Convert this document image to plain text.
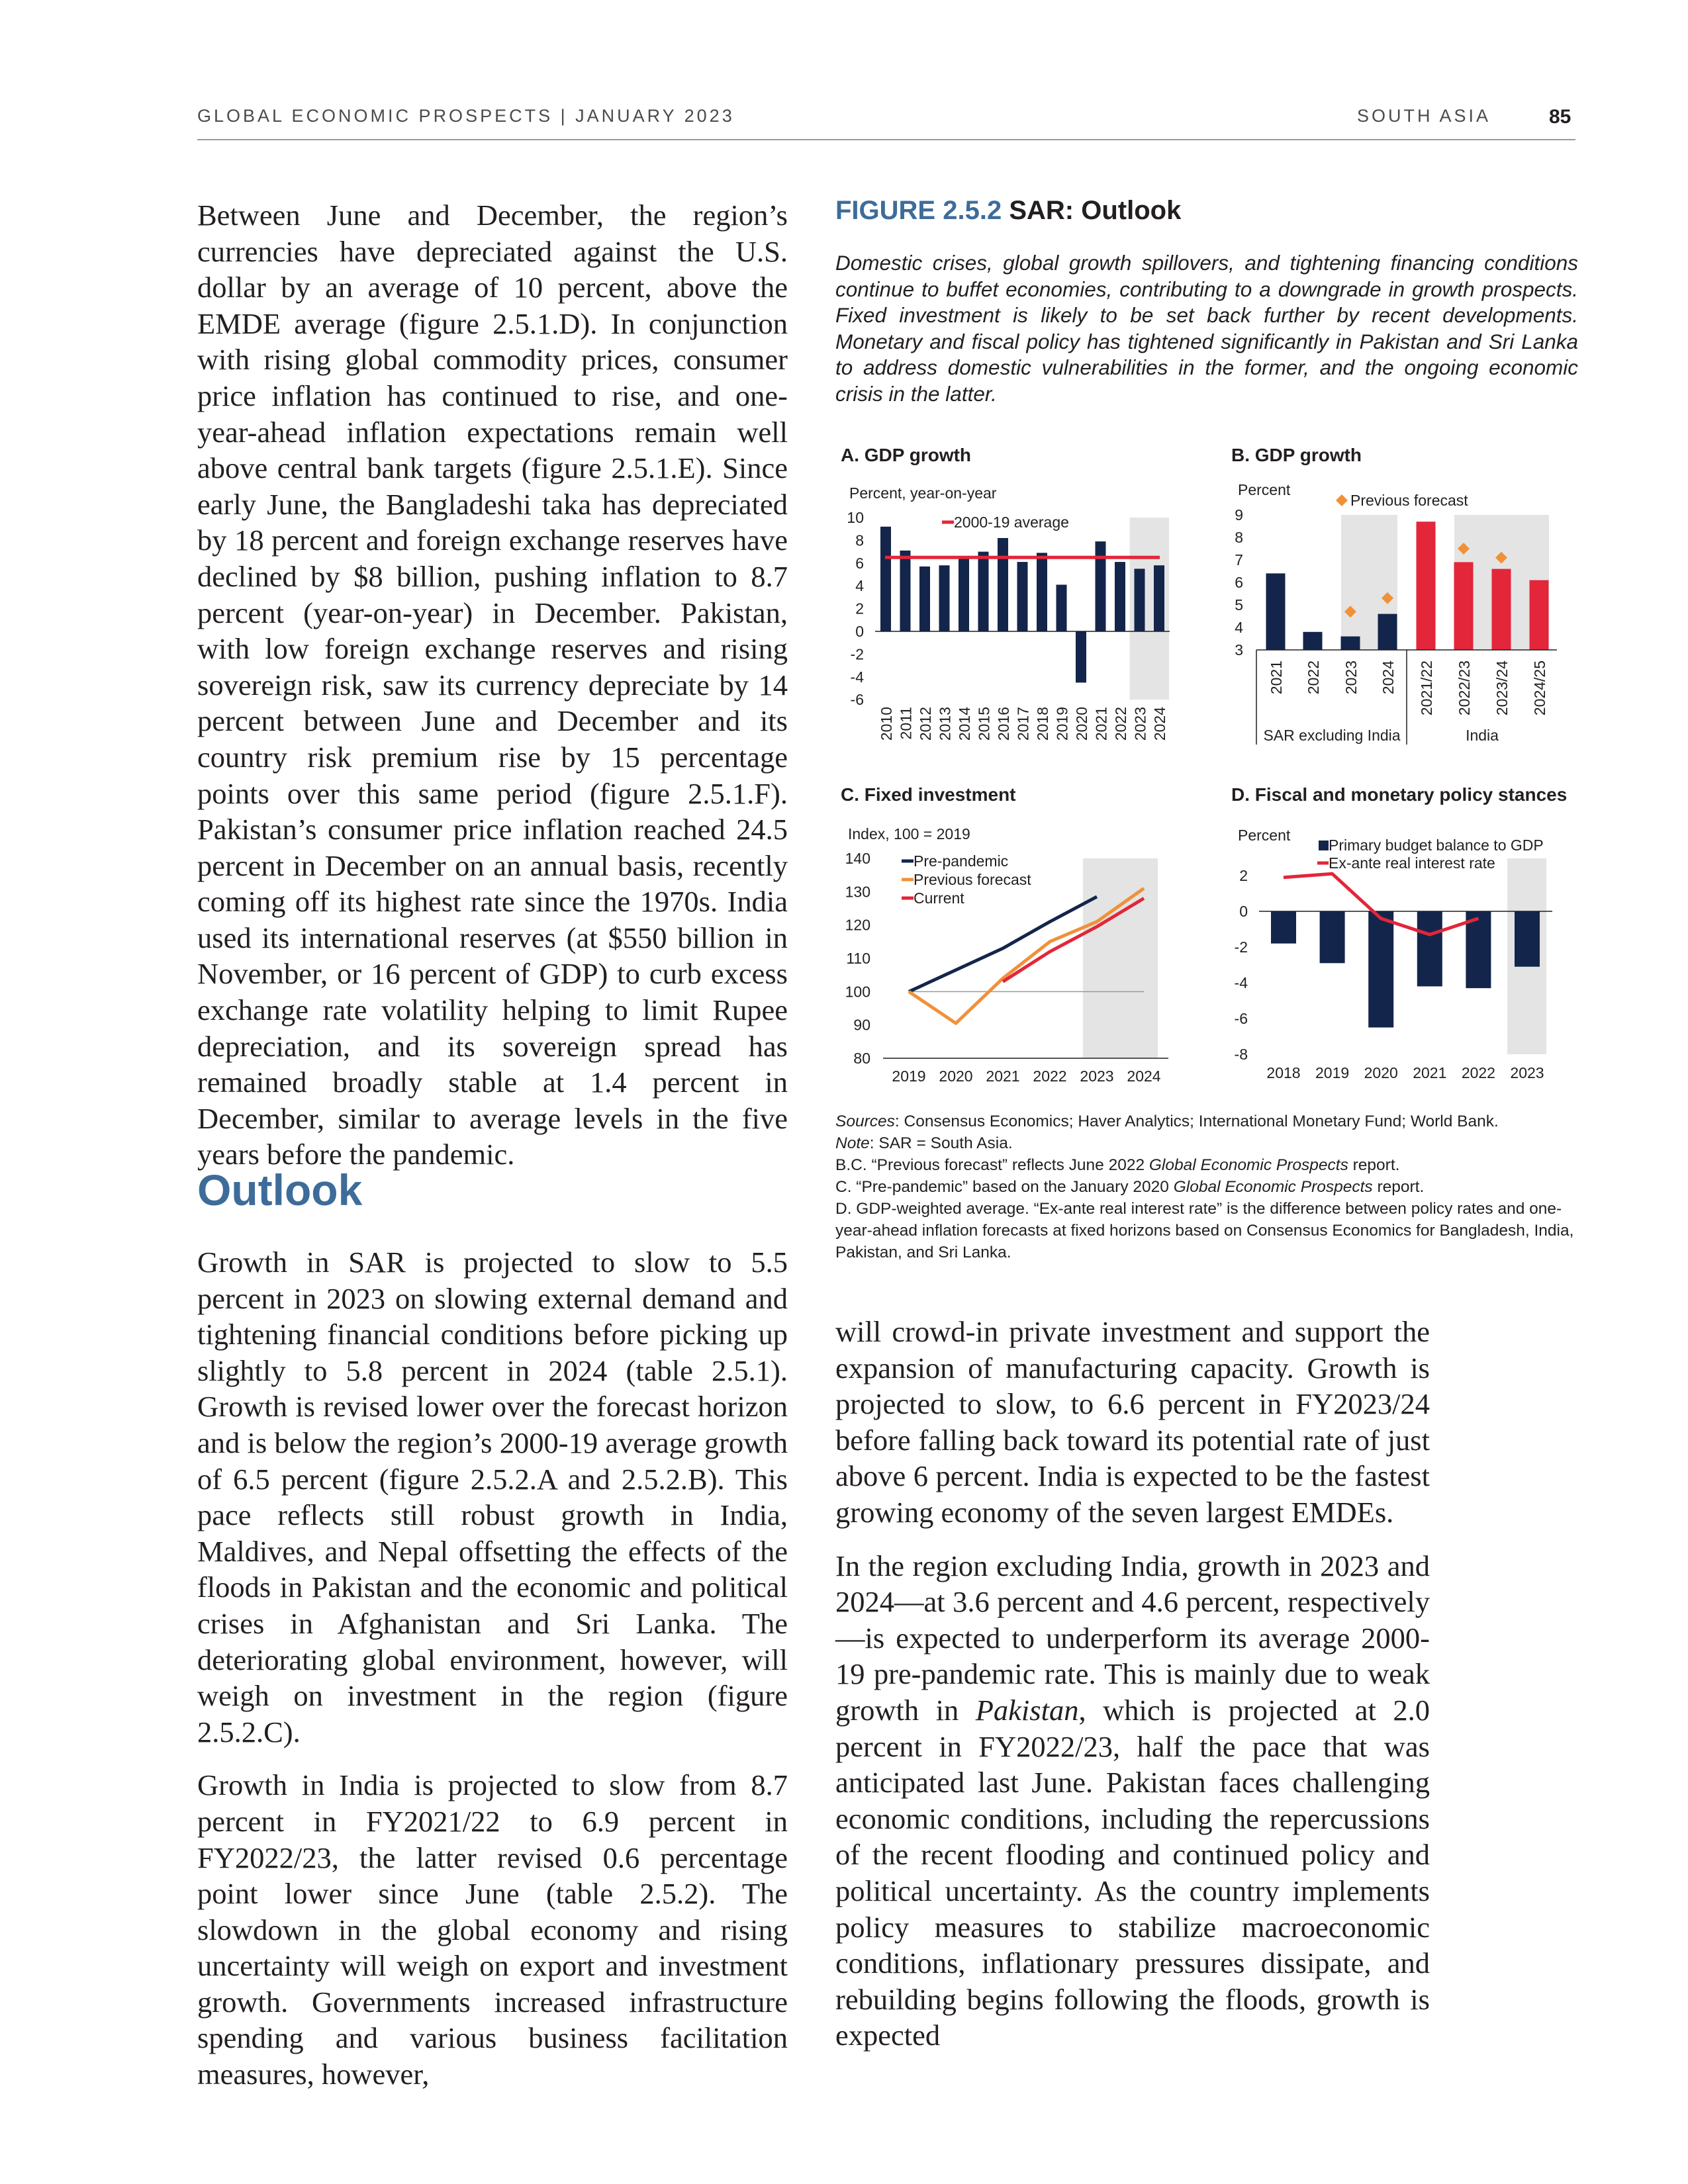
GLOBAL ECONOMIC PROSPECTS | JANUARY 2023	SOUTH ASIA	85

Between June and December, the region’s currencies have depreciated against the U.S. dollar by an average of 10 percent, above the EMDE average (figure 2.5.1.D). In conjunction with rising global commodity prices, consumer price inflation has continued to rise, and one-year-ahead inflation expectations remain well above central bank targets (figure 2.5.1.E). Since early June, the Bangladeshi taka has depreciated by 18 percent and foreign exchange reserves have declined by $8 billion, pushing inflation to 8.7 percent (year-on-year) in December. Pakistan, with low foreign exchange reserves and rising sovereign risk, saw its currency depreciate by 14 percent between June and December and its country risk premium rise by 15 percentage points over this same period (figure 2.5.1.F). Pakistan’s consumer price inflation reached 24.5 percent in December on an annual basis, recently coming off its highest rate since the 1970s. India used its international reserves (at $550 billion in November, or 16 percent of GDP) to curb excess exchange rate volatility helping to limit Rupee depreciation, and its sovereign spread has remained broadly stable at 1.4 percent in December, similar to average levels in the five years before the pandemic.

Outlook

Growth in SAR is projected to slow to 5.5 percent in 2023 on slowing external demand and tightening financial conditions before picking up slightly to 5.8 percent in 2024 (table 2.5.1). Growth is revised lower over the forecast horizon and is below the region’s 2000-19 average growth of 6.5 percent (figure 2.5.2.A and 2.5.2.B). This pace reflects still robust growth in India, Maldives, and Nepal offsetting the effects of the floods in Pakistan and the economic and political crises in Afghanistan and Sri Lanka. The deteriorating global environment, however, will weigh on investment in the region (figure 2.5.2.C).

Growth in India is projected to slow from 8.7 percent in FY2021/22 to 6.9 percent in FY2022/23, the latter revised 0.6 percentage point lower since June (table 2.5.2). The slowdown in the global economy and rising uncertainty will weigh on export and investment growth. Governments increased infrastructure spending and various business facilitation measures, however,

FIGURE 2.5.2 SAR: Outlook
Domestic crises, global growth spillovers, and tightening financing conditions continue to buffet economies, contributing to a downgrade in growth prospects. Fixed investment is likely to be set back further by recent developments. Monetary and fiscal policy has tightened significantly in Pakistan and Sri Lanka to address domestic vulnerabilities in the former, and the ongoing economic crisis in the latter.
A. GDP growth
Percent, year-on-year
10
8
6
4
2
0
-2
-4
-6
2010 2011 2012 2013 2014 2015 2016 2017 2018 2019 2020 2021 2022 2023 2024
2000-19 average
B. GDP growth
Percent
Previous forecast
9
8
7
6
5
4
3
2021 2022 2023 2024 2021/22 2022/23 2023/24 2024/25
SAR excluding India	India
C. Fixed investment
Index, 100 = 2019
140
130
120
110
100
90
80
2019 2020 2021 2022 2023 2024
Pre-pandemic
Previous forecast
Current
D. Fiscal and monetary policy stances
Percent
2
0
-2
-4
-6
-8
2018 2019 2020 2021 2022 2023
Primary budget balance to GDP
Ex-ante real interest rate
Sources: Consensus Economics; Haver Analytics; International Monetary Fund; World Bank.
Note: SAR = South Asia.
B.C. “Previous forecast” reflects June 2022 Global Economic Prospects report.
C. “Pre-pandemic” based on the January 2020 Global Economic Prospects report.
D. GDP-weighted average. “Ex-ante real interest rate” is the difference between policy rates and one-year-ahead inflation forecasts at fixed horizons based on Consensus Economics for Bangladesh, India, Pakistan, and Sri Lanka.

will crowd-in private investment and support the expansion of manufacturing capacity. Growth is projected to slow, to 6.6 percent in FY2023/24 before falling back toward its potential rate of just above 6 percent. India is expected to be the fastest growing economy of the seven largest EMDEs.

In the region excluding India, growth in 2023 and 2024—at 3.6 percent and 4.6 percent, respectively—is expected to underperform its average 2000-19 pre-pandemic rate. This is mainly due to weak growth in Pakistan, which is projected at 2.0 percent in FY2022/23, half the pace that was anticipated last June. Pakistan faces challenging economic conditions, including the repercussions of the recent flooding and continued policy and political uncertainty. As the country implements policy measures to stabilize macroeconomic conditions, inflationary pressures dissipate, and rebuilding begins following the floods, growth is expected
